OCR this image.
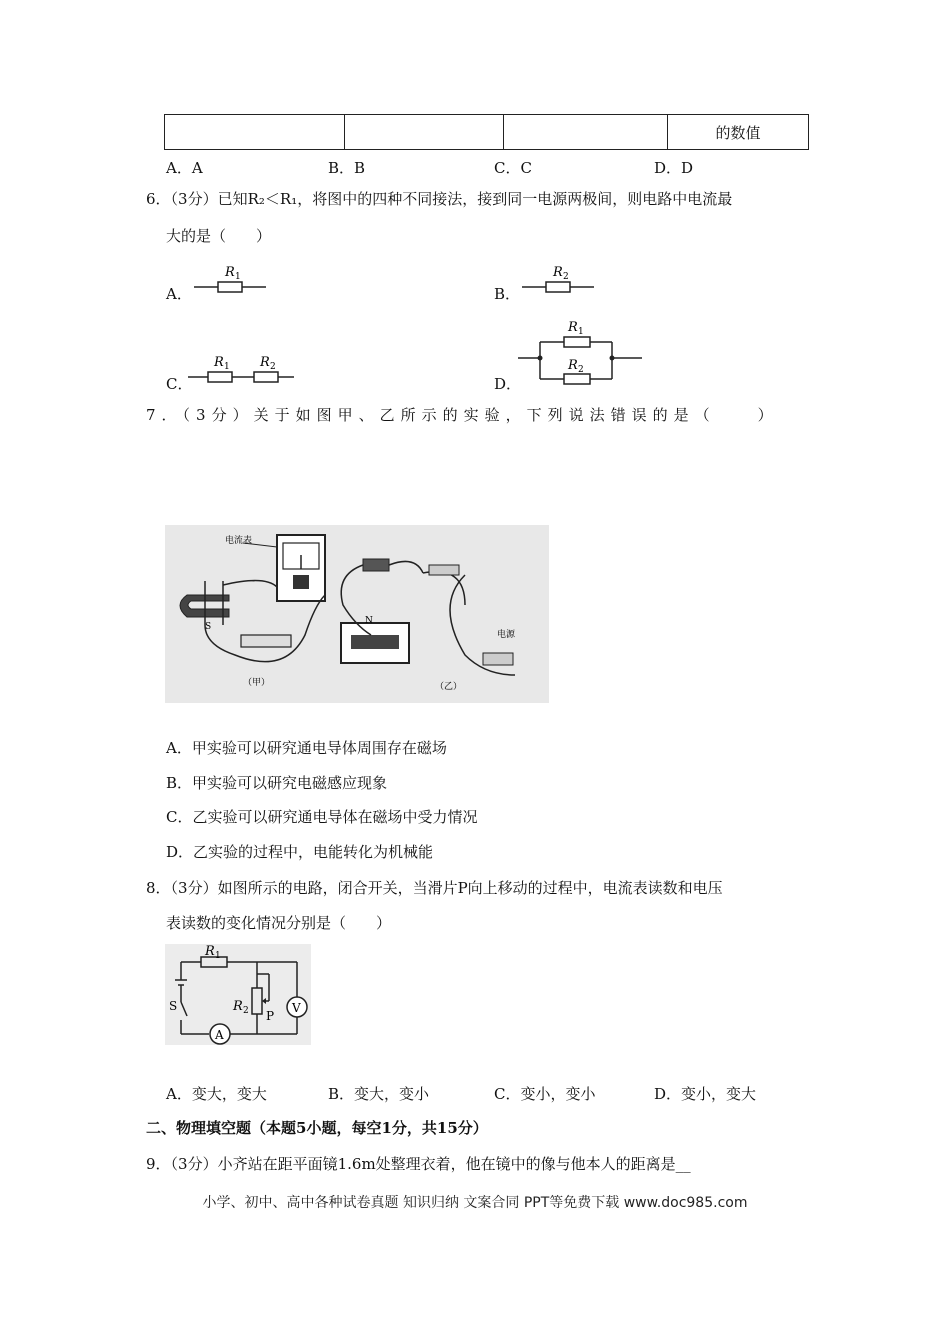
			的数值
A．A	B．B	C．C	D．D
6．（3分）已知R₂＜R₁，将图中的四种不同接法，接到同一电源两极间，则电路中电流最
大的是（　　）
A．
R 1
B．
R 2
C．
R 1 R 2
D．
R 1
R 2
7．（3分）关于如图甲、乙所示的实验，下列说法错误的是（　　）
电流表
S
（甲）
N
电源
（乙）
A．甲实验可以研究通电导体周围存在磁场
B．甲实验可以研究电磁感应现象
C．乙实验可以研究通电导体在磁场中受力情况
D．乙实验的过程中，电能转化为机械能
8．（3分）如图所示的电路，闭合开关，当滑片P向上移动的过程中，电流表读数和电压
表读数的变化情况分别是（　　）
R 1
S
A
R 2 P
V
A．变大，变大	B．变大，变小	C．变小，变小	D．变小，变大
二、物理填空题（本题5小题，每空1分，共15分）
9．（3分）小齐站在距平面镜1.6m处整理衣着，他在镜中的像与他本人的距离是__
小学、初中、高中各种试卷真题 知识归纳 文案合同 PPT等免费下载 www.doc985.com
